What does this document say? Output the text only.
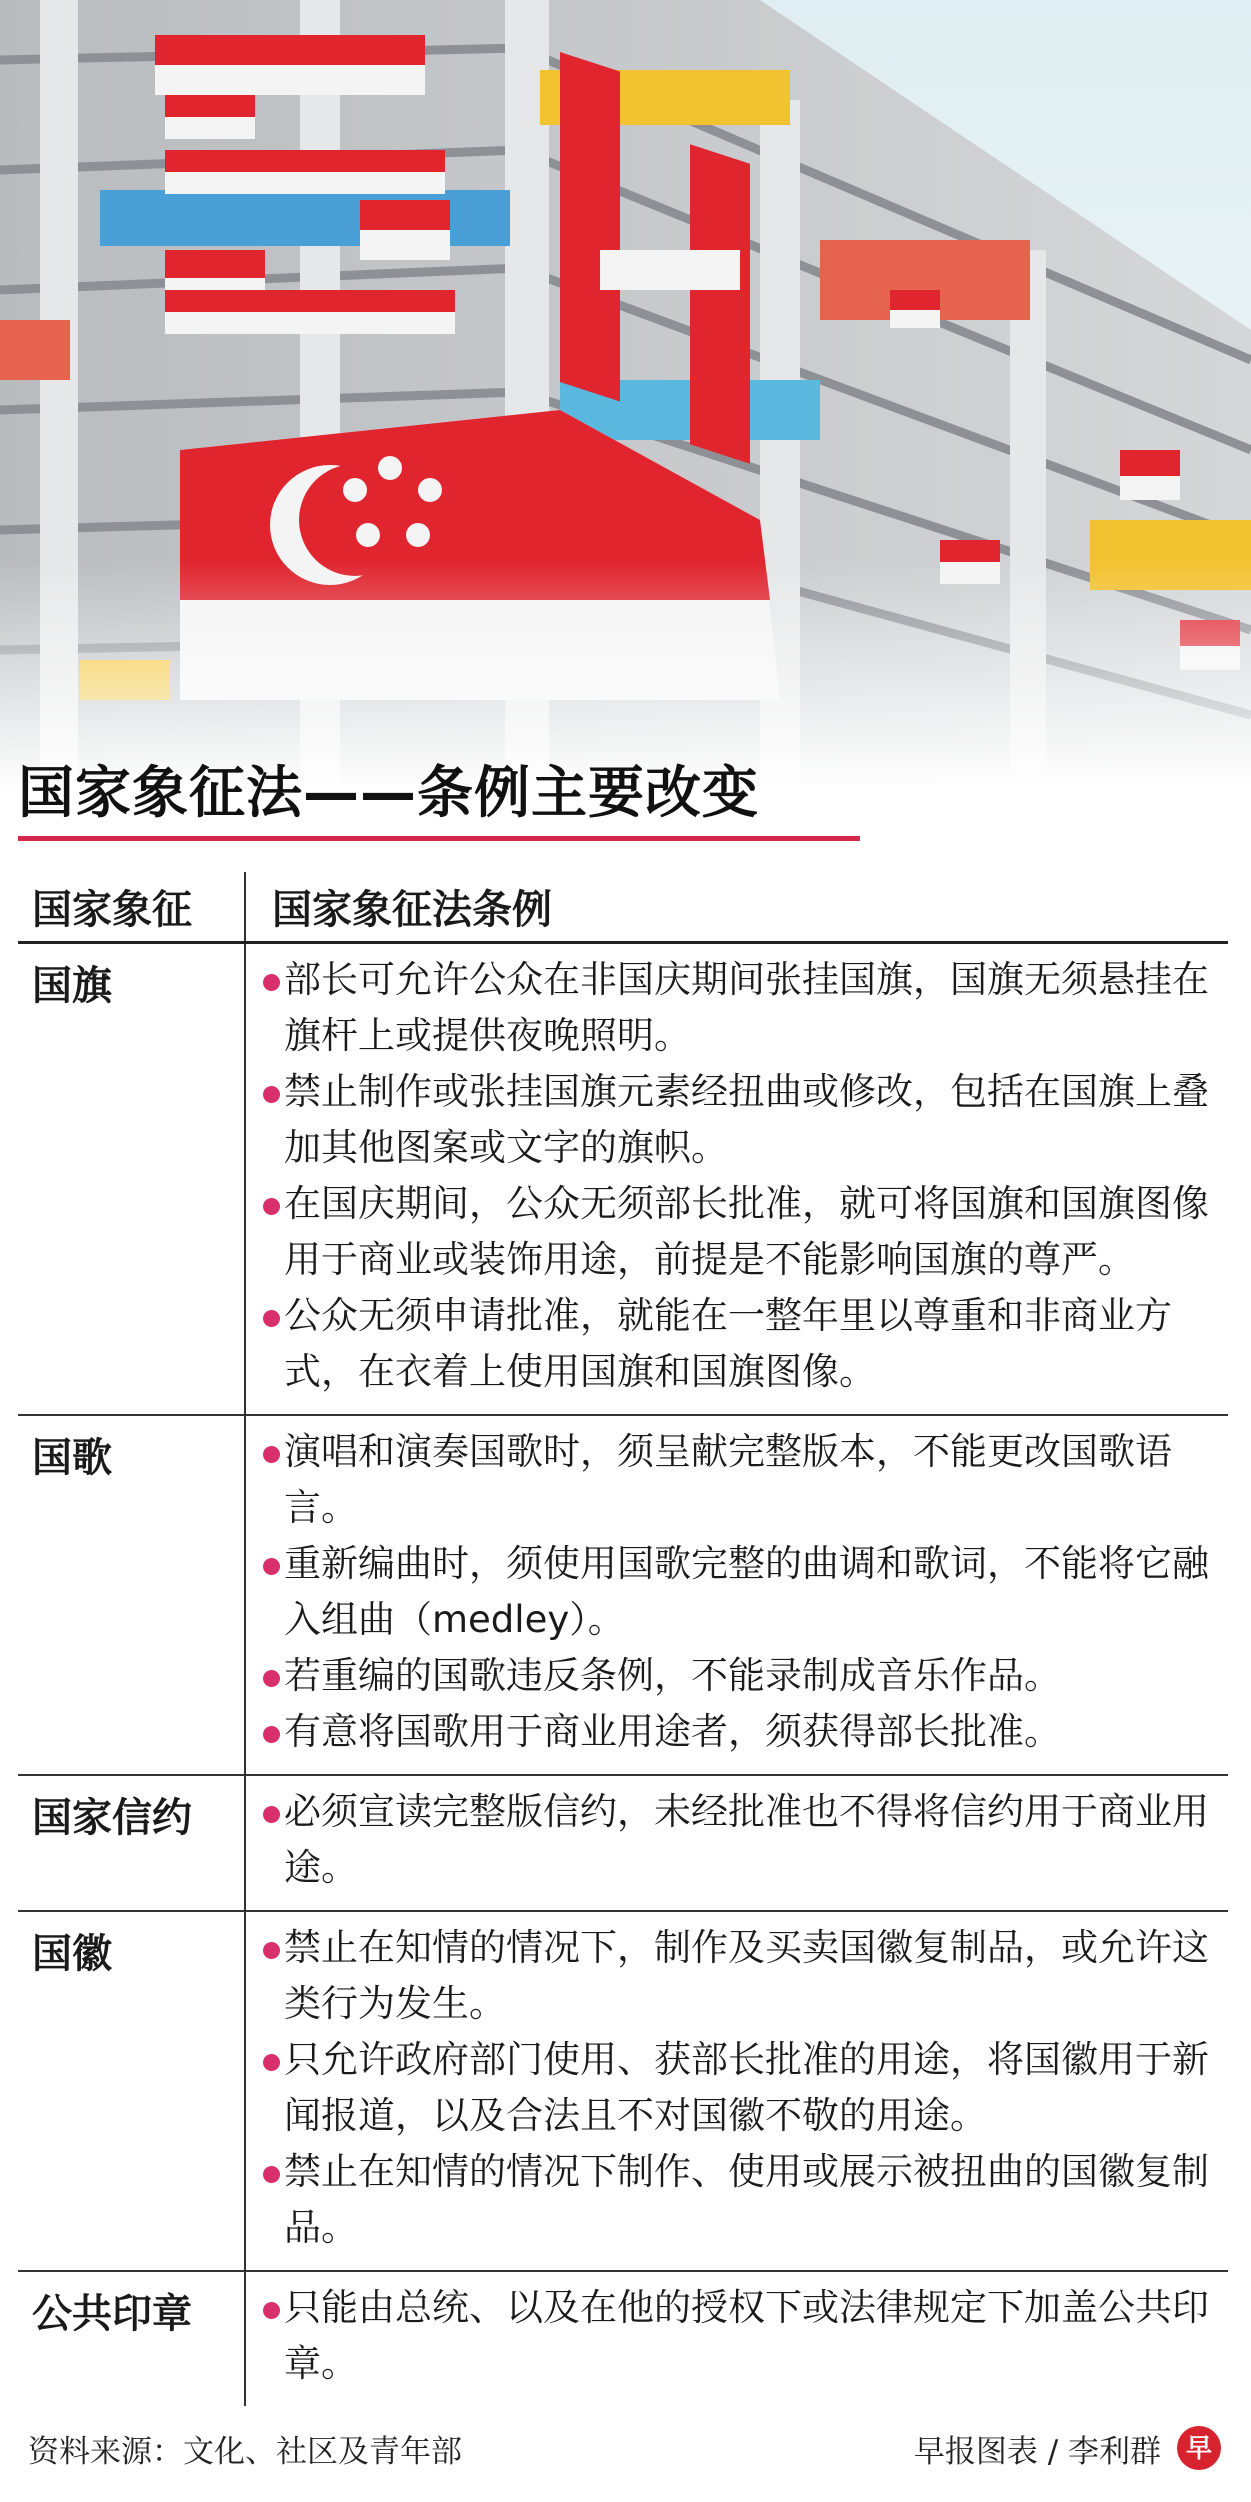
国家象征法——条例主要改变
国家象征	国家象征法条例
国旗	部长可允许公众在非国庆期间张挂国旗，国旗无须悬挂在旗杆上或提供夜晚照明。
禁止制作或张挂国旗元素经扭曲或修改，包括在国旗上叠加其他图案或文字的旗帜。
在国庆期间，公众无须部长批准，就可将国旗和国旗图像用于商业或装饰用途，前提是不能影响国旗的尊严。
公众无须申请批准，就能在一整年里以尊重和非商业方式，在衣着上使用国旗和国旗图像。
国歌	演唱和演奏国歌时，须呈献完整版本，不能更改国歌语言。
重新编曲时，须使用国歌完整的曲调和歌词，不能将它融入组曲（medley）。
若重编的国歌违反条例，不能录制成音乐作品。
有意将国歌用于商业用途者，须获得部长批准。
国家信约	必须宣读完整版信约，未经批准也不得将信约用于商业用途。
国徽	禁止在知情的情况下，制作及买卖国徽复制品，或允许这类行为发生。
只允许政府部门使用、获部长批准的用途，将国徽用于新闻报道，以及合法且不对国徽不敬的用途。
禁止在知情的情况下制作、使用或展示被扭曲的国徽复制品。
公共印章	只能由总统、以及在他的授权下或法律规定下加盖公共印章。
资料来源：文化、社区及青年部	早报图表 / 李利群 早
